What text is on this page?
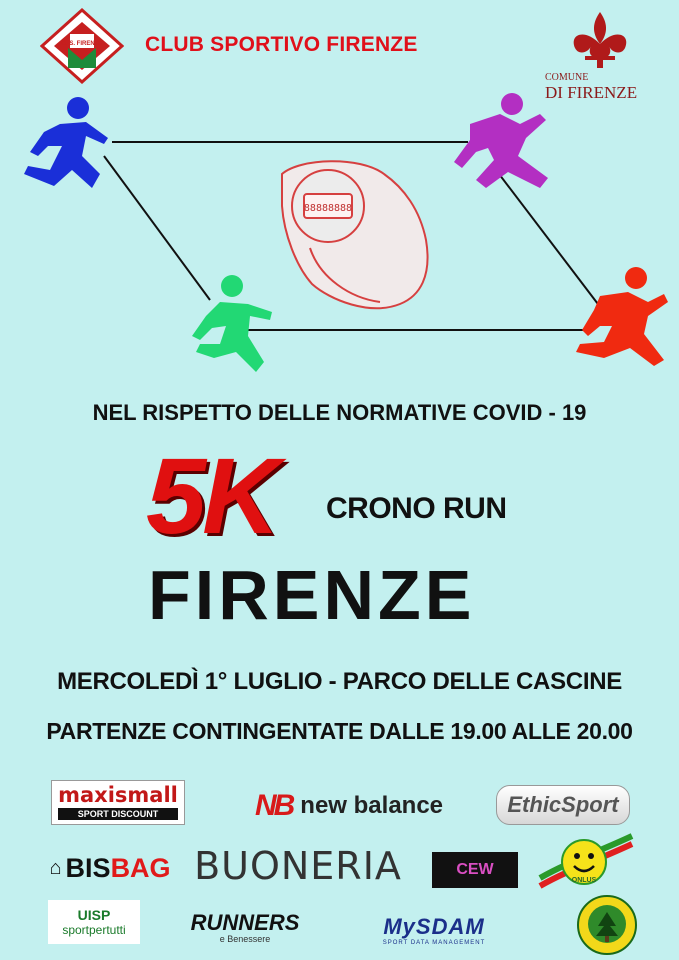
C. S. FIRENZE CLUB SPORTIVO FIRENZE
COMUNE
DI FIRENZE
88888888
NEL RISPETTO DELLE NORMATIVE COVID - 19
5K CRONO RUN
FIRENZE
MERCOLEDÌ 1° LUGLIO - PARCO DELLE CASCINE
PARTENZE CONTINGENTATE DALLE 19.00 ALLE 20.00
maxismall
SPORT DISCOUNT	NB new balance	EthicSport
⌂ BIS BAG BUONERIA	CEW
ONLUS
UISP
sportpertutti	RUNNERS
e Benessere	MySDAM
SPORT DATA MANAGEMENT
